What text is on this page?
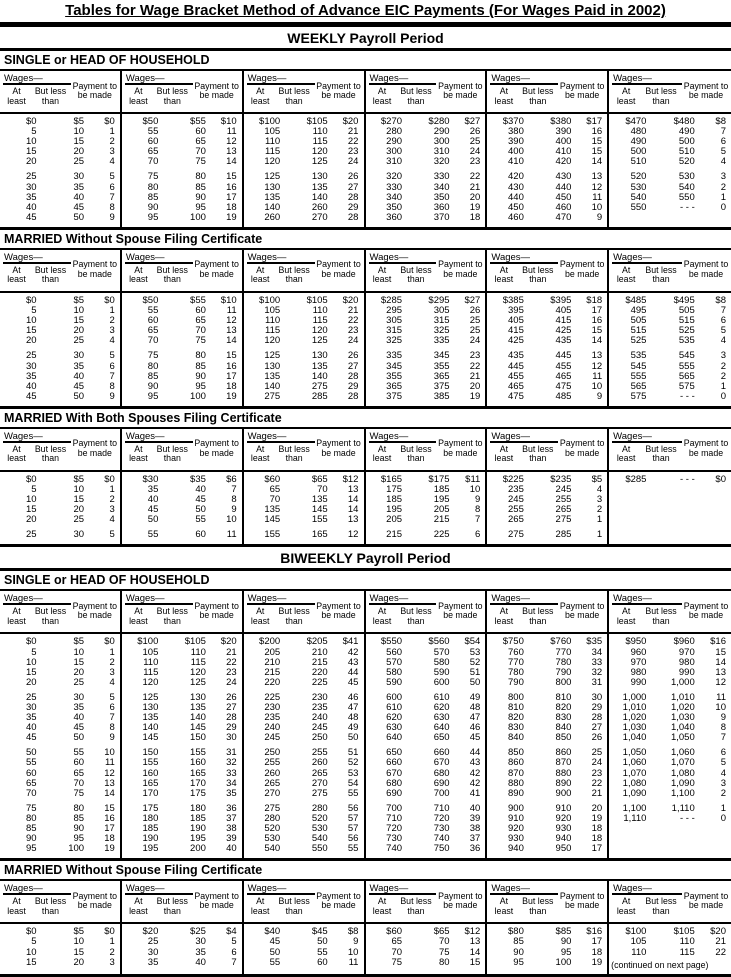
Tables for Wage Bracket Method of Advance EIC Payments (For Wages Paid in 2002)
WEEKLY Payroll Period
SINGLE or HEAD OF HOUSEHOLD
Wages—
At least
But less than
Payment to be made
$0	$5	$0
5	10	1
10	15	2
15	20	3
20	25	4
25	30	5
30	35	6
35	40	7
40	45	8
45	50	9
Wages—
At least
But less than
Payment to be made
$50	$55	$10
55	60	11
60	65	12
65	70	13
70	75	14
75	80	15
80	85	16
85	90	17
90	95	18
95	100	19
Wages—
At least
But less than
Payment to be made
$100	$105	$20
105	110	21
110	115	22
115	120	23
120	125	24
125	130	26
130	135	27
135	140	28
140	260	29
260	270	28
Wages—
At least
But less than
Payment to be made
$270	$280	$27
280	290	26
290	300	25
300	310	24
310	320	23
320	330	22
330	340	21
340	350	20
350	360	19
360	370	18
Wages—
At least
But less than
Payment to be made
$370	$380	$17
380	390	16
390	400	15
400	410	15
410	420	14
420	430	13
430	440	12
440	450	11
450	460	10
460	470	9
Wages—
At least
But less than
Payment to be made
$470	$480	$8
480	490	7
490	500	6
500	510	5
510	520	4
520	530	3
530	540	2
540	550	1
550	- - -	0
MARRIED Without Spouse Filing Certificate
Wages—
At least
But less than
Payment to be made
$0	$5	$0
5	10	1
10	15	2
15	20	3
20	25	4
25	30	5
30	35	6
35	40	7
40	45	8
45	50	9
Wages—
At least
But less than
Payment to be made
$50	$55	$10
55	60	11
60	65	12
65	70	13
70	75	14
75	80	15
80	85	16
85	90	17
90	95	18
95	100	19
Wages—
At least
But less than
Payment to be made
$100	$105	$20
105	110	21
110	115	22
115	120	23
120	125	24
125	130	26
130	135	27
135	140	28
140	275	29
275	285	28
Wages—
At least
But less than
Payment to be made
$285	$295	$27
295	305	26
305	315	25
315	325	25
325	335	24
335	345	23
345	355	22
355	365	21
365	375	20
375	385	19
Wages—
At least
But less than
Payment to be made
$385	$395	$18
395	405	17
405	415	16
415	425	15
425	435	14
435	445	13
445	455	12
455	465	11
465	475	10
475	485	9
Wages—
At least
But less than
Payment to be made
$485	$495	$8
495	505	7
505	515	6
515	525	5
525	535	4
535	545	3
545	555	2
555	565	2
565	575	1
575	- - -	0
MARRIED With Both Spouses Filing Certificate
Wages—
At least
But less than
Payment to be made
$0	$5	$0
5	10	1
10	15	2
15	20	3
20	25	4
25	30	5
Wages—
At least
But less than
Payment to be made
$30	$35	$6
35	40	7
40	45	8
45	50	9
50	55	10
55	60	11
Wages—
At least
But less than
Payment to be made
$60	$65	$12
65	70	13
70	135	14
135	145	14
145	155	13
155	165	12
Wages—
At least
But less than
Payment to be made
$165	$175	$11
175	185	10
185	195	9
195	205	8
205	215	7
215	225	6
Wages—
At least
But less than
Payment to be made
$225	$235	$5
235	245	4
245	255	3
255	265	2
265	275	1
275	285	1
Wages—
At least
But less than
Payment to be made
$285	- - -	$0
BIWEEKLY Payroll Period
SINGLE or HEAD OF HOUSEHOLD
Wages—
At least
But less than
Payment to be made
$0	$5	$0
5	10	1
10	15	2
15	20	3
20	25	4
25	30	5
30	35	6
35	40	7
40	45	8
45	50	9
50	55	10
55	60	11
60	65	12
65	70	13
70	75	14
75	80	15
80	85	16
85	90	17
90	95	18
95	100	19
Wages—
At least
But less than
Payment to be made
$100	$105	$20
105	110	21
110	115	22
115	120	23
120	125	24
125	130	26
130	135	27
135	140	28
140	145	29
145	150	30
150	155	31
155	160	32
160	165	33
165	170	34
170	175	35
175	180	36
180	185	37
185	190	38
190	195	39
195	200	40
Wages—
At least
But less than
Payment to be made
$200	$205	$41
205	210	42
210	215	43
215	220	44
220	225	45
225	230	46
230	235	47
235	240	48
240	245	49
245	250	50
250	255	51
255	260	52
260	265	53
265	270	54
270	275	55
275	280	56
280	520	57
520	530	57
530	540	56
540	550	55
Wages—
At least
But less than
Payment to be made
$550	$560	$54
560	570	53
570	580	52
580	590	51
590	600	50
600	610	49
610	620	48
620	630	47
630	640	46
640	650	45
650	660	44
660	670	43
670	680	42
680	690	42
690	700	41
700	710	40
710	720	39
720	730	38
730	740	37
740	750	36
Wages—
At least
But less than
Payment to be made
$750	$760	$35
760	770	34
770	780	33
780	790	32
790	800	31
800	810	30
810	820	29
820	830	28
830	840	27
840	850	26
850	860	25
860	870	24
870	880	23
880	890	22
890	900	21
900	910	20
910	920	19
920	930	18
930	940	18
940	950	17
Wages—
At least
But less than
Payment to be made
$950	$960	$16
960	970	15
970	980	14
980	990	13
990	1,000	12
1,000	1,010	11
1,010	1,020	10
1,020	1,030	9
1,030	1,040	8
1,040	1,050	7
1,050	1,060	6
1,060	1,070	5
1,070	1,080	4
1,080	1,090	3
1,090	1,100	2
1,100	1,110	1
1,110	- - -	0
MARRIED Without Spouse Filing Certificate
Wages—
At least
But less than
Payment to be made
$0	$5	$0
5	10	1
10	15	2
15	20	3
Wages—
At least
But less than
Payment to be made
$20	$25	$4
25	30	5
30	35	6
35	40	7
Wages—
At least
But less than
Payment to be made
$40	$45	$8
45	50	9
50	55	10
55	60	11
Wages—
At least
But less than
Payment to be made
$60	$65	$12
65	70	13
70	75	14
75	80	15
Wages—
At least
But less than
Payment to be made
$80	$85	$16
85	90	17
90	95	18
95	100	19
Wages—
At least
But less than
Payment to be made
$100	$105	$20
105	110	21
110	115	22
(continued on next page)
